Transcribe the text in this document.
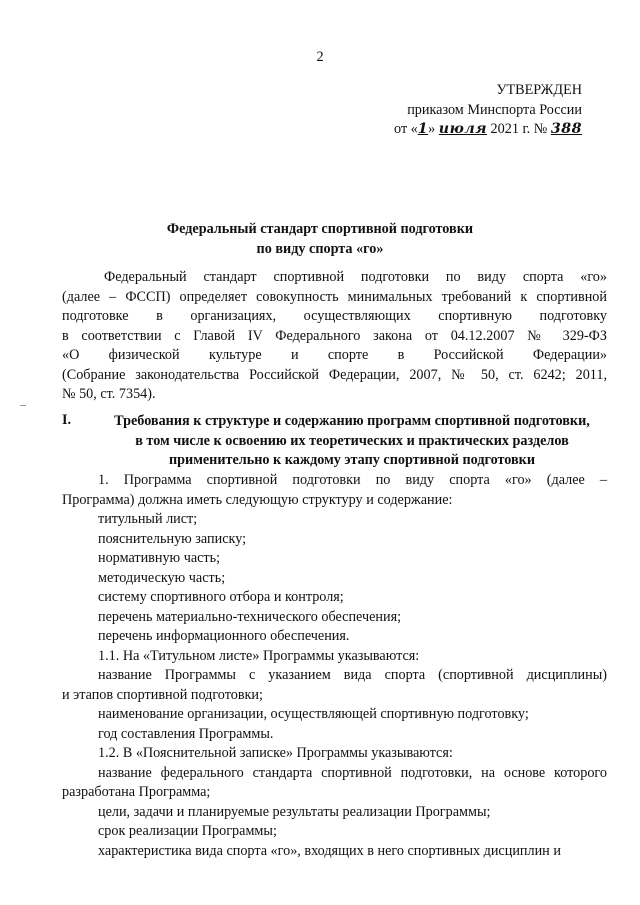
2
УТВЕРЖДЕН
приказом Минспорта России
от «1» июля 2021 г. № 388
Федеральный стандарт спортивной подготовки
по виду спорта «го»
Федеральный стандарт спортивной подготовки по виду спорта «го»
(далее – ФССП) определяет совокупность минимальных требований к спортивной
подготовке в организациях, осуществляющих спортивную подготовку
в соответствии с Главой IV Федерального закона от 04.12.2007 № 329-ФЗ
«О физической культуре и спорте в Российской Федерации»
(Собрание законодательства Российской Федерации, 2007, № 50, ст. 6242; 2011,
№ 50, ст. 7354).
I.	Требования к структуре и содержанию программ спортивной подготовки,
в том числе к освоению их теоретических и практических разделов
применительно к каждому этапу спортивной подготовки
1. Программа спортивной подготовки по виду спорта «го» (далее –
Программа) должна иметь следующую структуру и содержание:
титульный лист;
пояснительную записку;
нормативную часть;
методическую часть;
систему спортивного отбора и контроля;
перечень материально-технического обеспечения;
перечень информационного обеспечения.
1.1. На «Титульном листе» Программы указываются:
название Программы с указанием вида спорта (спортивной дисциплины)
и этапов спортивной подготовки;
наименование организации, осуществляющей спортивную подготовку;
год составления Программы.
1.2. В «Пояснительной записке» Программы указываются:
название федерального стандарта спортивной подготовки, на основе которого
разработана Программа;
цели, задачи и планируемые результаты реализации Программы;
срок реализации Программы;
характеристика вида спорта «го», входящих в него спортивных дисциплин и
